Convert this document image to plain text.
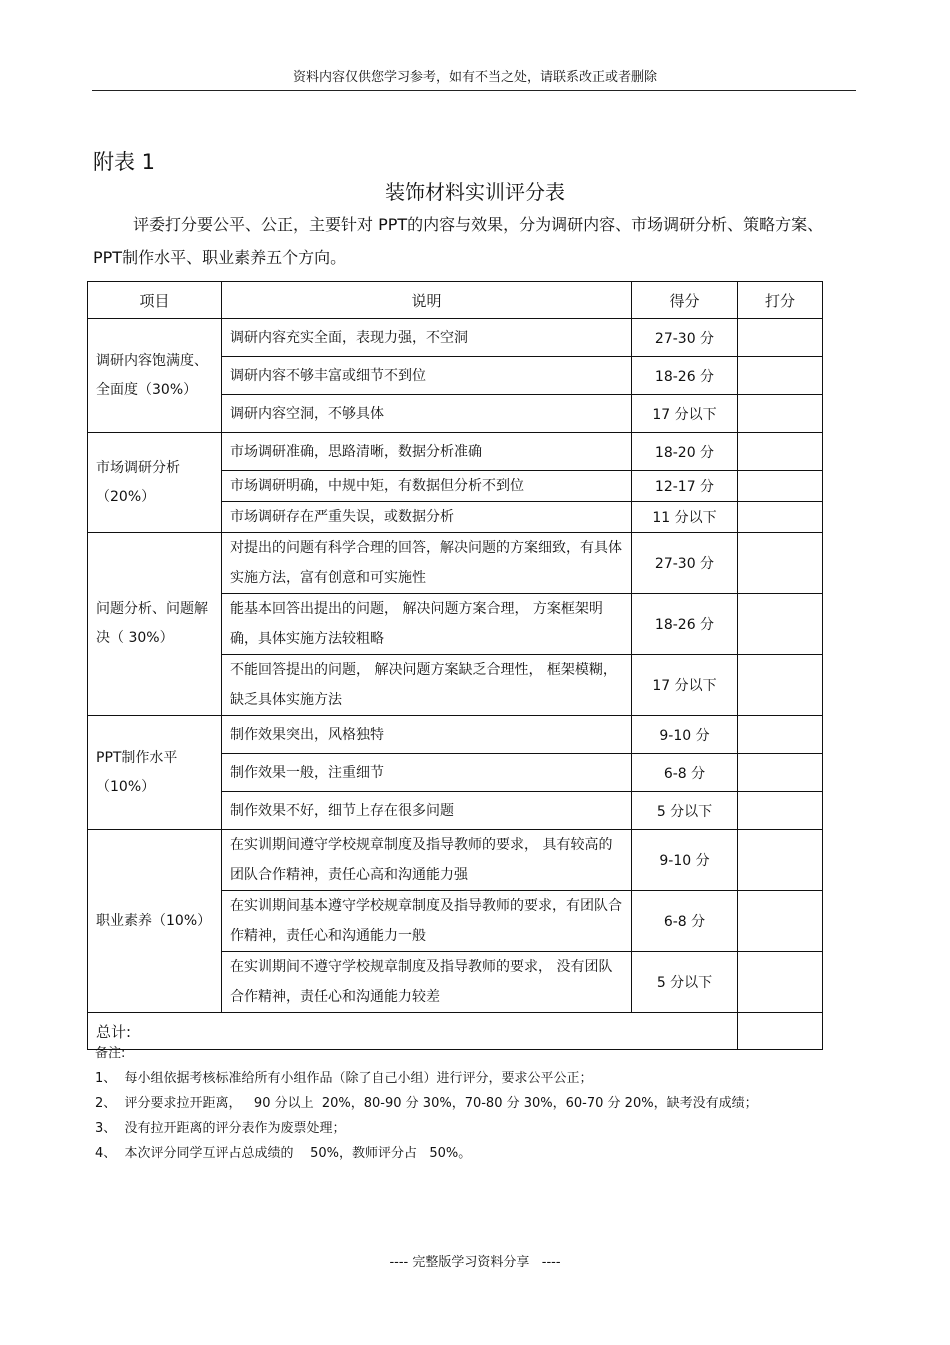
资料内容仅供您学习参考，如有不当之处，请联系改正或者删除
附表 1
装饰材料实训评分表
评委打分要公平、公正，主要针对 PPT的内容与效果，分为调研内容、市场调研分析、策略方案、 PPT制作水平、职业素养五个方向。
项目	说明	得分	打分
调研内容饱满度、全面度（30%）	调研内容充实全面，表现力强，不空洞	27-30 分	
	调研内容不够丰富或细节不到位	18-26 分	
	调研内容空洞，不够具体	17 分以下	
市场调研分析（20%）	市场调研准确，思路清晰，数据分析准确	18-20 分	
	市场调研明确，中规中矩，有数据但分析不到位	12-17 分	
	市场调研存在严重失误，或数据分析	11 分以下	
问题分析、问题解决（ 30%）	对提出的问题有科学合理的回答，解决问题的方案细致，有具体实施方法，富有创意和可实施性	27-30 分	
	能基本回答出提出的问题， 解决问题方案合理， 方案框架明确，具体实施方法较粗略	18-26 分	
	不能回答提出的问题， 解决问题方案缺乏合理性， 框架模糊，缺乏具体实施方法	17 分以下	
PPT制作水平（10%）	制作效果突出，风格独特	9-10 分	
	制作效果一般，注重细节	6-8 分	
	制作效果不好，细节上存在很多问题	5 分以下	
职业素养（10%）	在实训期间遵守学校规章制度及指导教师的要求， 具有较高的团队合作精神，责任心高和沟通能力强	9-10 分	
	在实训期间基本遵守学校规章制度及指导教师的要求，有团队合作精神，责任心和沟通能力一般	6-8 分	
	在实训期间不遵守学校规章制度及指导教师的要求， 没有团队合作精神，责任心和沟通能力较差	5 分以下	
总计:			
备注:
1、  每小组依据考核标准给所有小组作品（除了自己小组）进行评分，要求公平公正；
2、  评分要求拉开距离，   90 分以上  20%，80-90 分 30%，70-80 分 30%，60-70 分 20%，缺考没有成绩；
3、  没有拉开距离的评分表作为废票处理；
4、  本次评分同学互评占总成绩的    50%，教师评分占   50%。
---- 完整版学习资料分享   ----
